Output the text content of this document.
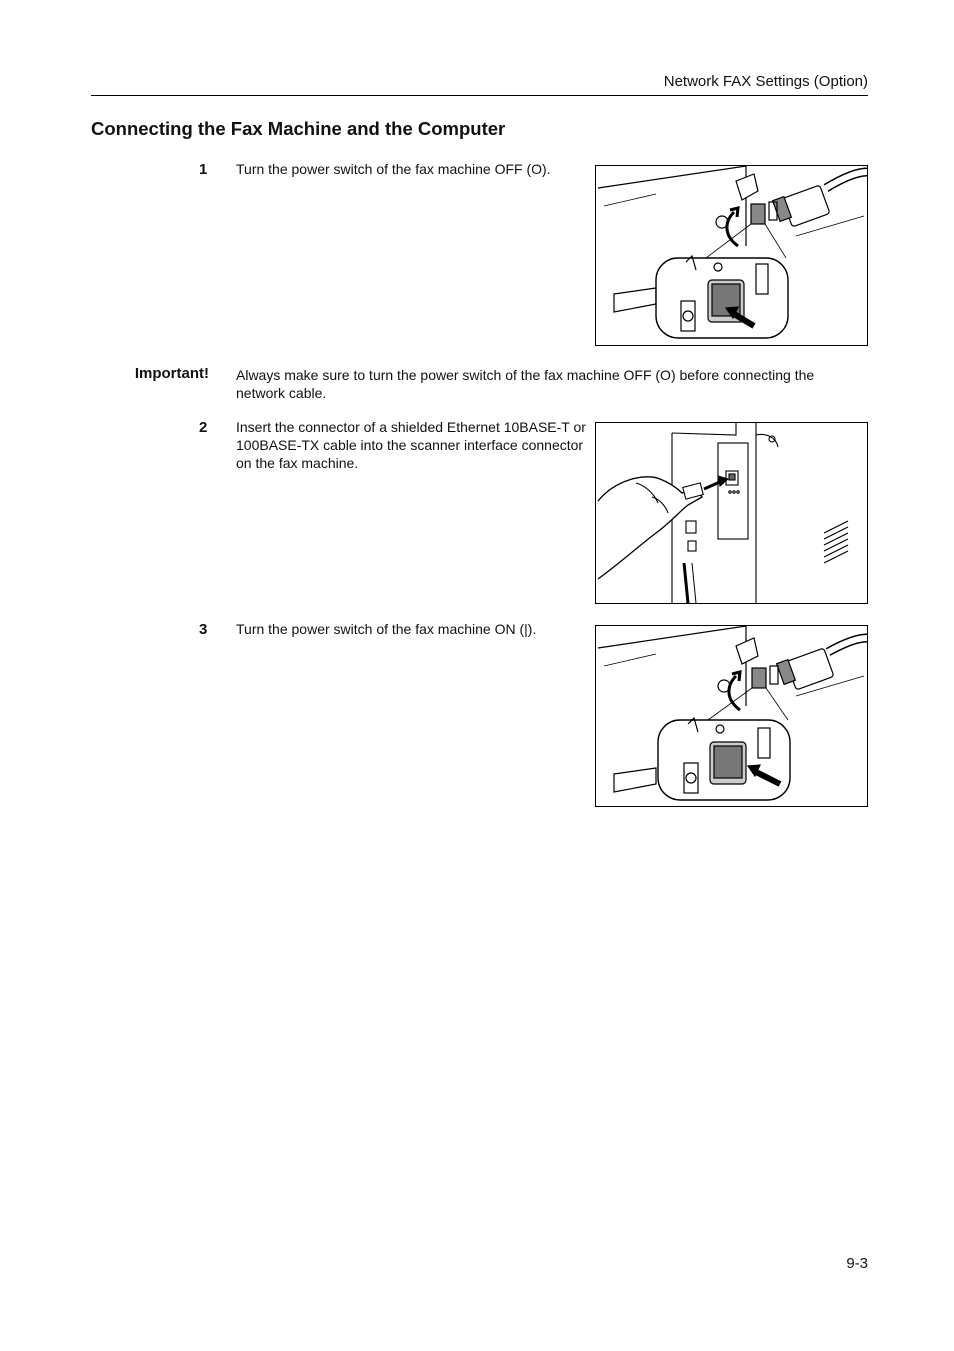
Network FAX Settings (Option)
Connecting the Fax Machine and the Computer
1	Turn the power switch of the fax machine OFF (O).
Important! Always make sure to turn the power switch of the fax machine OFF (O) before connecting the network cable.
2	Insert the connector of a shielded Ethernet 10BASE-T or 100BASE-TX cable into the scanner interface connector on the fax machine.
3	Turn the power switch of the fax machine ON (|).
9-3
